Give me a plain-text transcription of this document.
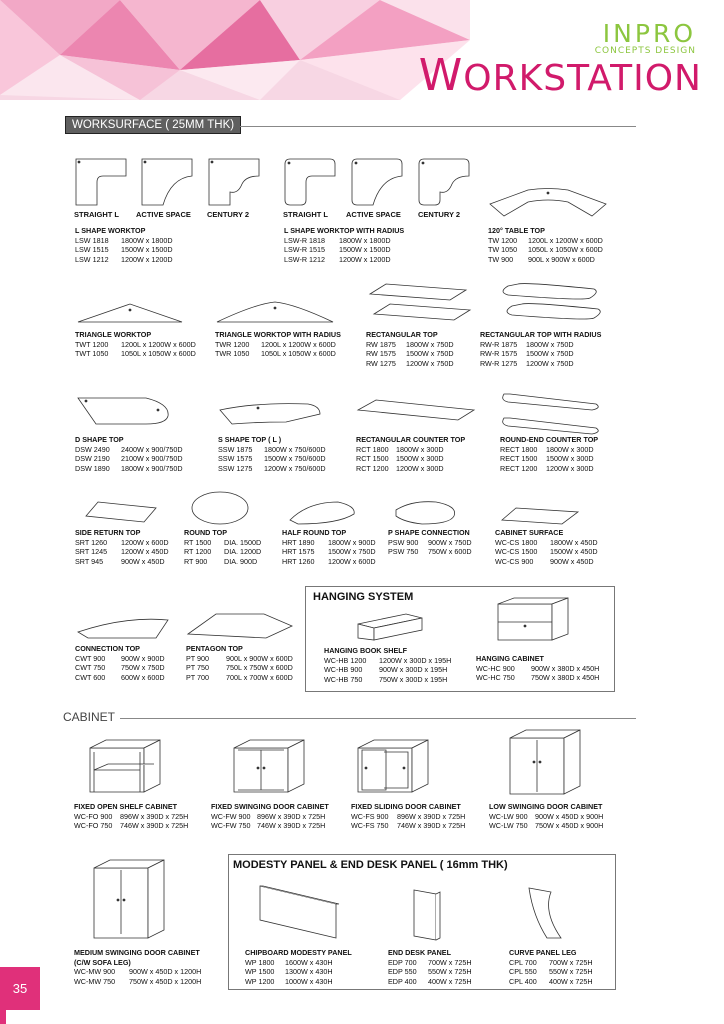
INPRO
CONCEPTS DESIGN
WORKSTATION
WORKSURFACE ( 25MM THK)
STRAIGHT L ACTIVE SPACE CENTURY 2	STRAIGHT L ACTIVE SPACE CENTURY 2
L SHAPE WORKTOP
LSW 1818	1800W x 1800D
LSW 1515	1500W x 1500D
LSW 1212	1200W x 1200D
L SHAPE WORKTOP WITH RADIUS
LSW-R 1818	1800W x 1800D
LSW-R 1515	1500W x 1500D
LSW-R 1212	1200W x 1200D
120° TABLE TOP
TW 1200	1200L x 1200W x 600D
TW 1050	1050L x 1050W x 600D
TW 900	900L x 900W x 600D
TRIANGLE WORKTOP
TWT 1200	1200L x 1200W x 600D
TWT 1050	1050L x 1050W x 600D
TRIANGLE WORKTOP WITH RADIUS
TWR 1200	1200L x 1200W x 600D
TWR 1050	1050L x 1050W x 600D
RECTANGULAR TOP
RW 1875	1800W x 750D
RW 1575	1500W x 750D
RW 1275	1200W x 750D
RECTANGULAR TOP WITH RADIUS
RW-R 1875	1800W x 750D
RW-R 1575	1500W x 750D
RW-R 1275	1200W x 750D
D SHAPE TOP
DSW 2490	2400W x 900/750D
DSW 2190	2100W x 900/750D
DSW 1890	1800W x 900/750D
S SHAPE TOP ( L )
SSW 1875	1800W x 750/600D
SSW 1575	1500W x 750/600D
SSW 1275	1200W x 750/600D
RECTANGULAR COUNTER TOP
RCT 1800	1800W x 300D
RCT 1500	1500W x 300D
RCT 1200	1200W x 300D
ROUND-END COUNTER TOP
RECT 1800	1800W x 300D
RECT 1500	1500W x 300D
RECT 1200	1200W x 300D
SIDE RETURN TOP
SRT 1260	1200W x 600D
SRT 1245	1200W x 450D
SRT 945	900W x 450D
ROUND TOP
RT 1500	DIA. 1500D
RT 1200	DIA. 1200D
RT 900	DIA. 900D
HALF ROUND TOP
HRT 1890	1800W x 900D
HRT 1575	1500W x 750D
HRT 1260	1200W x 600D
P SHAPE CONNECTION
PSW 900	900W x 750D
PSW 750	750W x 600D
CABINET SURFACE
WC-CS 1800	1800W x 450D
WC-CS 1500	1500W x 450D
WC-CS 900	900W x 450D
CONNECTION TOP
CWT 900	900W x 900D
CWT 750	750W x 750D
CWT 600	600W x 600D
PENTAGON TOP
PT 900	900L x 900W x 600D
PT 750	750L x 750W x 600D
PT 700	700L x 700W x 600D
HANGING SYSTEM
HANGING BOOK SHELF
WC-HB 1200	1200W x 300D x 195H
WC-HB 900	900W x 300D x 195H
WC-HB 750	750W x 300D x 195H
HANGING CABINET
WC-HC 900	900W x 380D x 450H
WC-HC 750	750W x 380D x 450H
CABINET
FIXED OPEN SHELF CABINET
WC-FO 900	896W x 390D x 725H
WC-FO 750	746W x 390D x 725H
FIXED SWINGING DOOR CABINET
WC-FW 900 896W x 390D x 725H
WC-FW 750 746W x 390D x 725H
FIXED SLIDING DOOR CABINET
WC-FS 900	896W x 390D x 725H
WC-FS 750	746W x 390D x 725H
LOW SWINGING DOOR CABINET
WC-LW 900	900W x 450D x 900H
WC-LW 750	750W x 450D x 900H
MEDIUM SWINGING DOOR CABINET
(C/W SOFA LEG)
WC-MW 900	900W x 450D x 1200H
WC-MW 750	750W x 450D x 1200H
MODESTY PANEL & END DESK PANEL ( 16mm THK)
CHIPBOARD MODESTY PANEL
WP 1800	1600W x 430H
WP 1500	1300W x 430H
WP 1200	1000W x 430H
END DESK PANEL
EDP 700	700W x 725H
EDP 550	550W x 725H
EDP 400	400W x 725H
CURVE PANEL LEG
CPL 700	700W x 725H
CPL 550	550W x 725H
CPL 400	400W x 725H
35
